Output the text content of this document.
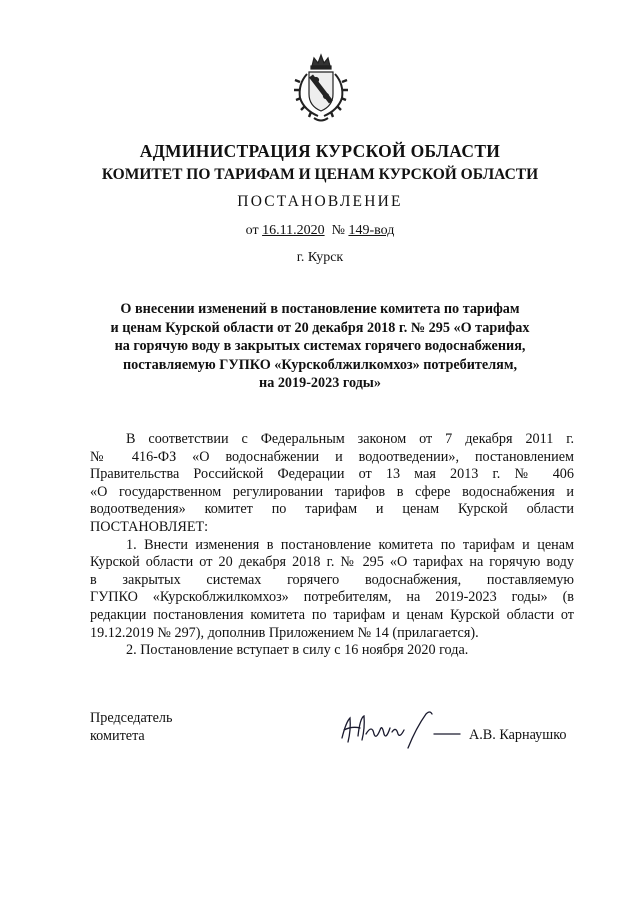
АДМИНИСТРАЦИЯ КУРСКОЙ ОБЛАСТИ
КОМИТЕТ ПО ТАРИФАМ И ЦЕНАМ КУРСКОЙ ОБЛАСТИ
ПОСТАНОВЛЕНИЕ
от 16.11.2020 № 149-вод
г. Курск
О внесении изменений в постановление комитета по тарифам
и ценам Курской области от 20 декабря 2018 г. № 295 «О тарифах
на горячую воду в закрытых системах горячего водоснабжения,
поставляемую ГУПКО «Курскоблжилкомхоз» потребителям,
на 2019-2023 годы»
В соответствии с Федеральным законом от 7 декабря 2011 г.
№ 416-ФЗ «О водоснабжении и водоотведении», постановлением
Правительства Российской Федерации от 13 мая 2013 г. № 406
«О государственном регулировании тарифов в сфере водоснабжения и
водоотведения» комитет по тарифам и ценам Курской области
ПОСТАНОВЛЯЕТ:
1. Внести изменения в постановление комитета по тарифам и ценам
Курской области от 20 декабря 2018 г. № 295 «О тарифах на горячую воду
в закрытых системах горячего водоснабжения, поставляемую
ГУПКО «Курскоблжилкомхоз» потребителям, на 2019-2023 годы» (в
редакции постановления комитета по тарифам и ценам Курской области от
19.12.2019 № 297), дополнив Приложением № 14 (прилагается).
2. Постановление вступает в силу с 16 ноября 2020 года.
Председатель
комитета	А.В. Карнаушко
